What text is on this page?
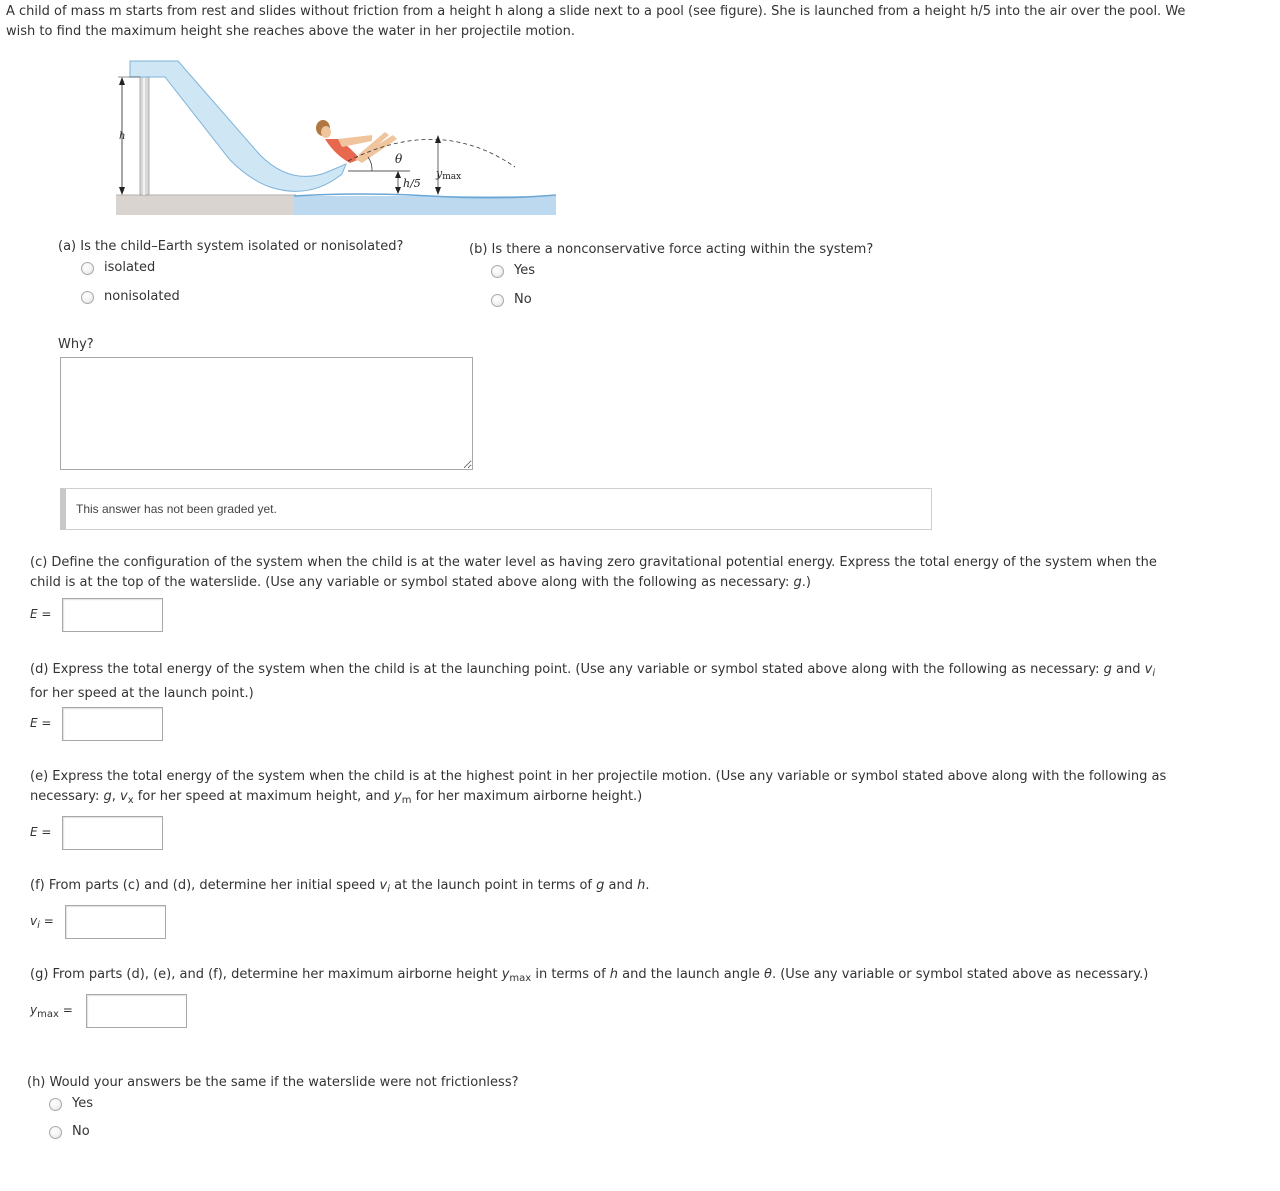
A child of mass m starts from rest and slides without friction from a height h along a slide next to a pool (see figure). She is launched from a height h/5 into the air over the pool. We
wish to find the maximum height she reaches above the water in her projectile motion.
h
θ
h/5
ymax
(a) Is the child–Earth system isolated or nonisolated?
isolated
nonisolated
(b) Is there a nonconservative force acting within the system?
Yes
No
Why?
This answer has not been graded yet.
(c) Define the configuration of the system when the child is at the water level as having zero gravitational potential energy. Express the total energy of the system when the
child is at the top of the waterslide. (Use any variable or symbol stated above along with the following as necessary: g.)
E =
(d) Express the total energy of the system when the child is at the launching point. (Use any variable or symbol stated above along with the following as necessary: g and $v_i$
for her speed at the launch point.)
E =
(e) Express the total energy of the system when the child is at the highest point in her projectile motion. (Use any variable or symbol stated above along with the following as
necessary: g, $v_x$ for her speed at maximum height, and $y_m$ for her maximum airborne height.)
E =
(f) From parts (c) and (d), determine her initial speed $v_i$ at the launch point in terms of g and h.
$v_i$ =
(g) From parts (d), (e), and (f), determine her maximum airborne height $y_{max}$ in terms of h and the launch angle θ. (Use any variable or symbol stated above as necessary.)
$y_{max}$ =
(h) Would your answers be the same if the waterslide were not frictionless?
Yes
No
